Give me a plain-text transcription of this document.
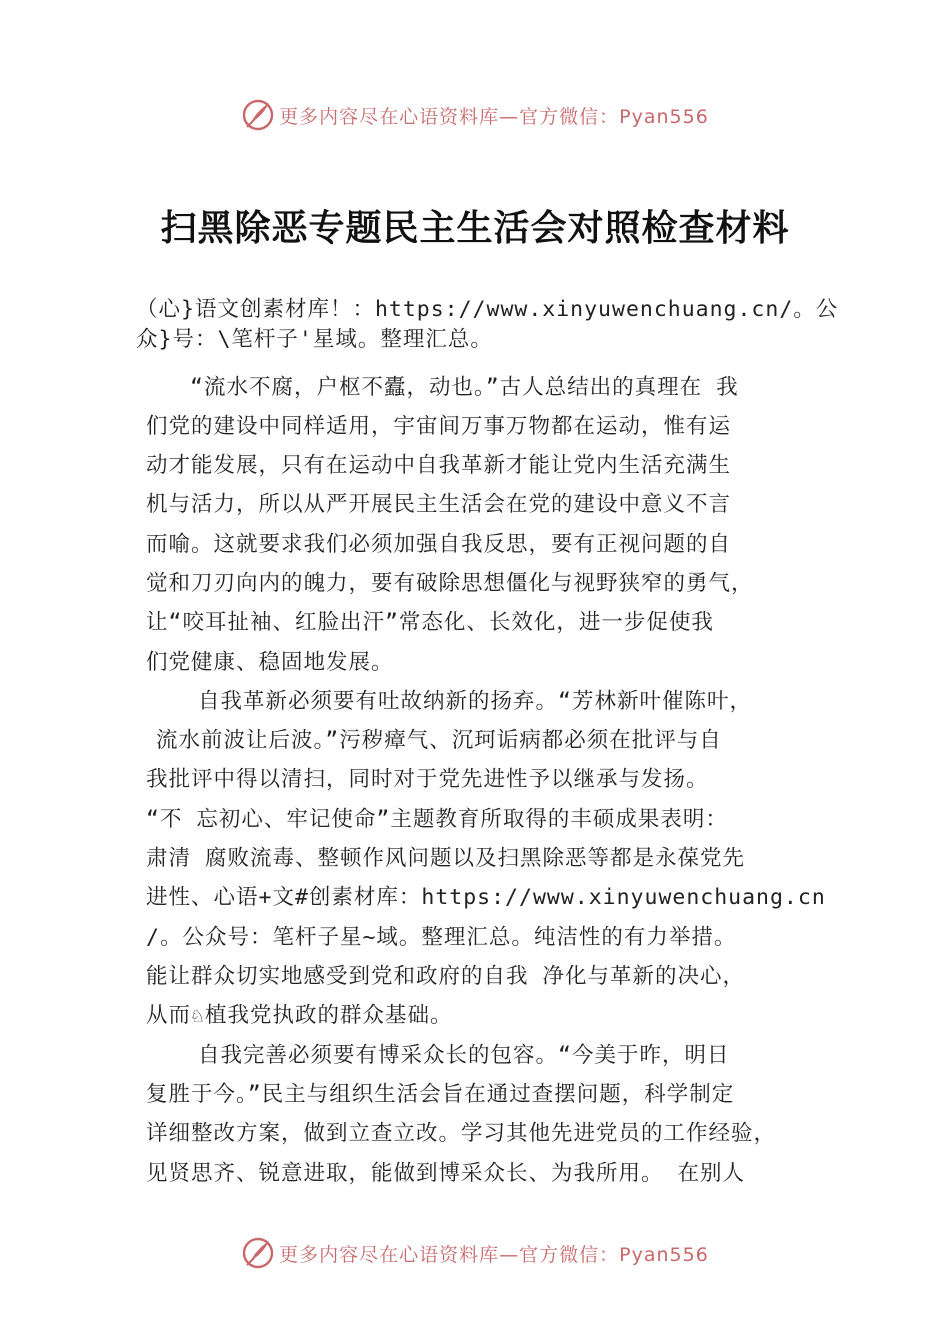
更多内容尽在心语资料库—官方微信：Pyan556
扫黑除恶专题民主生活会对照检查材料
（心}语文创素材库！：https://www.xinyuwenchuang.cn/。公
众}号：\笔杆子'星域。整理汇总。
“流水不腐，户枢不蠹，动也。”古人总结出的真理在 我
们党的建设中同样适用，宇宙间万事万物都在运动，惟有运
动才能发展，只有在运动中自我革新才能让党内生活充满生
机与活力，所以从严开展民主生活会在党的建设中意义不言
而喻。这就要求我们必须加强自我反思，要有正视问题的自
觉和刀刃向内的魄力，要有破除思想僵化与视野狭窄的勇气，
让“咬耳扯袖、红脸出汗”常态化、长效化，进一步促使我
们党健康、稳固地发展。
自我革新必须要有吐故纳新的扬弃。“芳林新叶催陈叶，
流水前波让后波。”污秽瘴气、沉珂诟病都必须在批评与自
我批评中得以清扫，同时对于党先进性予以继承与发扬。
“不 忘初心、牢记使命”主题教育所取得的丰硕成果表明：
肃清 腐败流毒、整顿作风问题以及扫黑除恶等都是永葆党先
进性、心语+文#创素材库：https://www.xinyuwenchuang.cn
/。公众号：笔杆子星~域。整理汇总。纯洁性的有力举措。
能让群众切实地感受到党和政府的自我 净化与革新的决心，
从而♘植我党执政的群众基础。
自我完善必须要有博采众长的包容。“今美于昨，明日
复胜于今。”民主与组织生活会旨在通过查摆问题，科学制定
详细整改方案，做到立查立改。学习其他先进党员的工作经验，
见贤思齐、锐意进取，能做到博采众长、为我所用。 在别人
更多内容尽在心语资料库—官方微信：Pyan556
